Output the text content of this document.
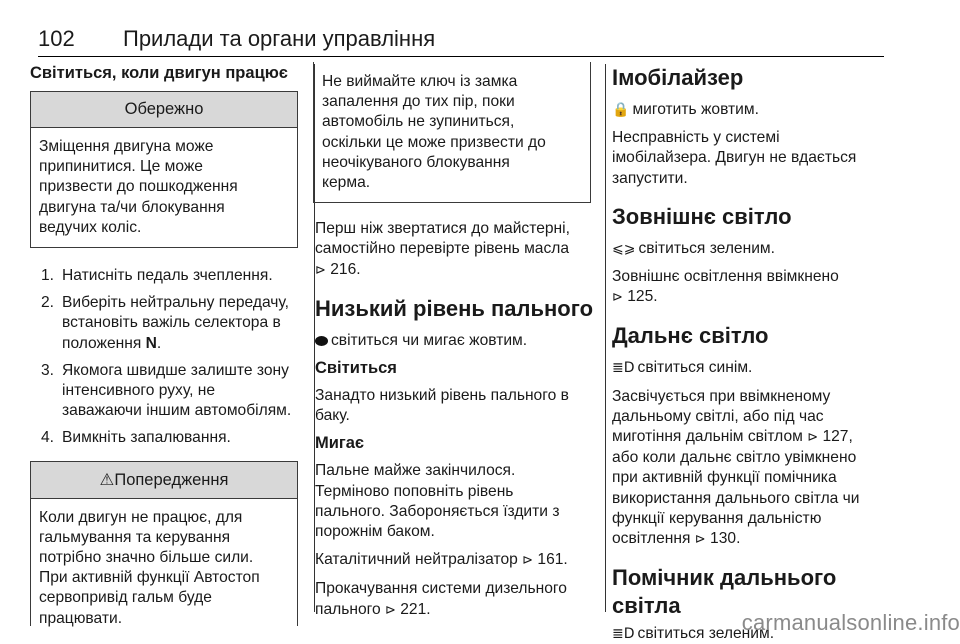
102 Прилади та органи управління
Світиться, коли двигун працює
Обережно

Зміщення двигуна може

припинитися. Це може

призвести до пошкодження

двигуна та/чи блокування

ведучих коліс.

1. Натисніть педаль зчеплення.
2. Виберіть нейтральну передачу,
встановіть важіль селектора в
положення N.
3. Якомога швидше залиште зону
інтенсивного руху, не
заважаючи іншим автомобілям.
4. Вимкніть запалювання.
⚠Попередження

Коли двигун не працює, для

гальмування та керування

потрібно значно більше сили.

При активній функції Автостоп

сервопривід гальм буде

працювати.

Не виймайте ключ із замка

запалення до тих пір, поки

автомобіль не зупиниться,

оскільки це може призвести до

неочікуваного блокування

керма.

Перш ніж звертатися до майстерні,

самостійно перевірте рівень масла

⊳ 216.

Низький рівень пального

світиться чи мигає жовтим.

Світиться

Занадто низький рівень пального в

баку.

Мигає

Пальне майже закінчилося.

Терміново поповніть рівень

пального. Забороняється їздити з

порожнім баком.

Каталітичний нейтралізатор ⊳ 161.

Прокачування системи дизельного

пального ⊳ 221.

Імобілайзер

🔒 миготить жовтим.

Несправність у системі

імобілайзера. Двигун не вдається

запустити.

Зовнішнє світло

⩽⩾ світиться зеленим.

Зовнішнє освітлення ввімкнено

⊳ 125.

Дальнє світло

≣D світиться синім.

Засвічується при ввімкненому

дальньому світлі, або під час

миготіння дальнім світлом ⊳ 127,

або коли дальнє світло увімкнено

при активній функції помічника

використання дальнього світла чи

функції керування дальністю

освітлення ⊳ 130.

Помічник дальнього
світла

≣D світиться зеленим.

carmanualsonline.info
